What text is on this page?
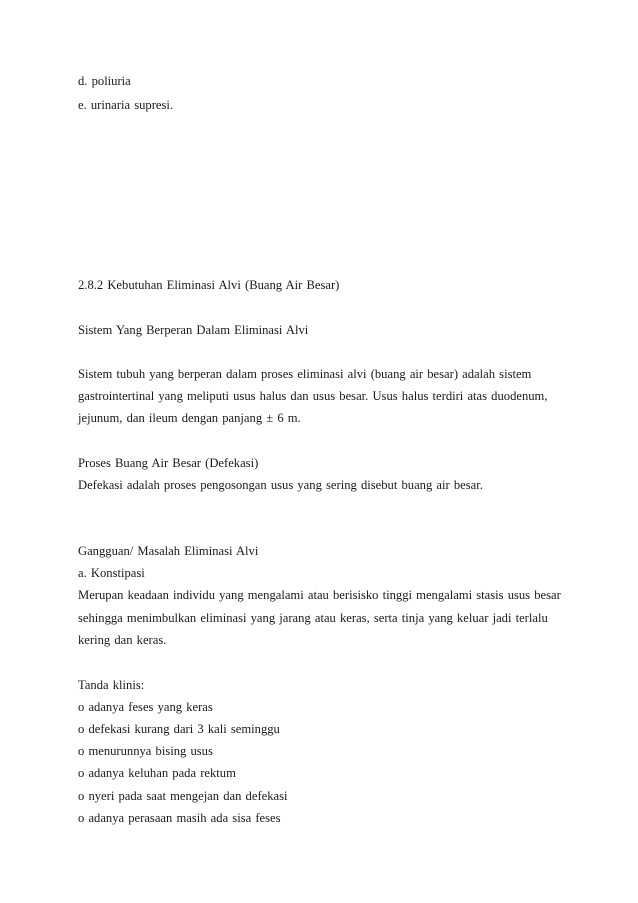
d. poliuria
e. urinaria supresi.
2.8.2 Kebutuhan Eliminasi Alvi (Buang Air Besar)
Sistem Yang Berperan Dalam Eliminasi Alvi
Sistem tubuh yang berperan dalam proses eliminasi alvi (buang air besar) adalah sistem
gastrointertinal yang meliputi usus halus dan usus besar. Usus halus terdiri atas duodenum,
jejunum, dan ileum dengan panjang ± 6 m.
Proses Buang Air Besar (Defekasi)
Defekasi adalah proses pengosongan usus yang sering disebut buang air besar.
Gangguan/ Masalah Eliminasi Alvi
a. Konstipasi
Merupan keadaan individu yang mengalami atau berisisko tinggi mengalami stasis usus besar
sehingga menimbulkan eliminasi yang jarang atau keras, serta tinja yang keluar jadi terlalu
kering dan keras.
Tanda klinis:
o adanya feses yang keras
o defekasi kurang dari 3 kali seminggu
o menurunnya bising usus
o adanya keluhan pada rektum
o nyeri pada saat mengejan dan defekasi
o adanya perasaan masih ada sisa feses
